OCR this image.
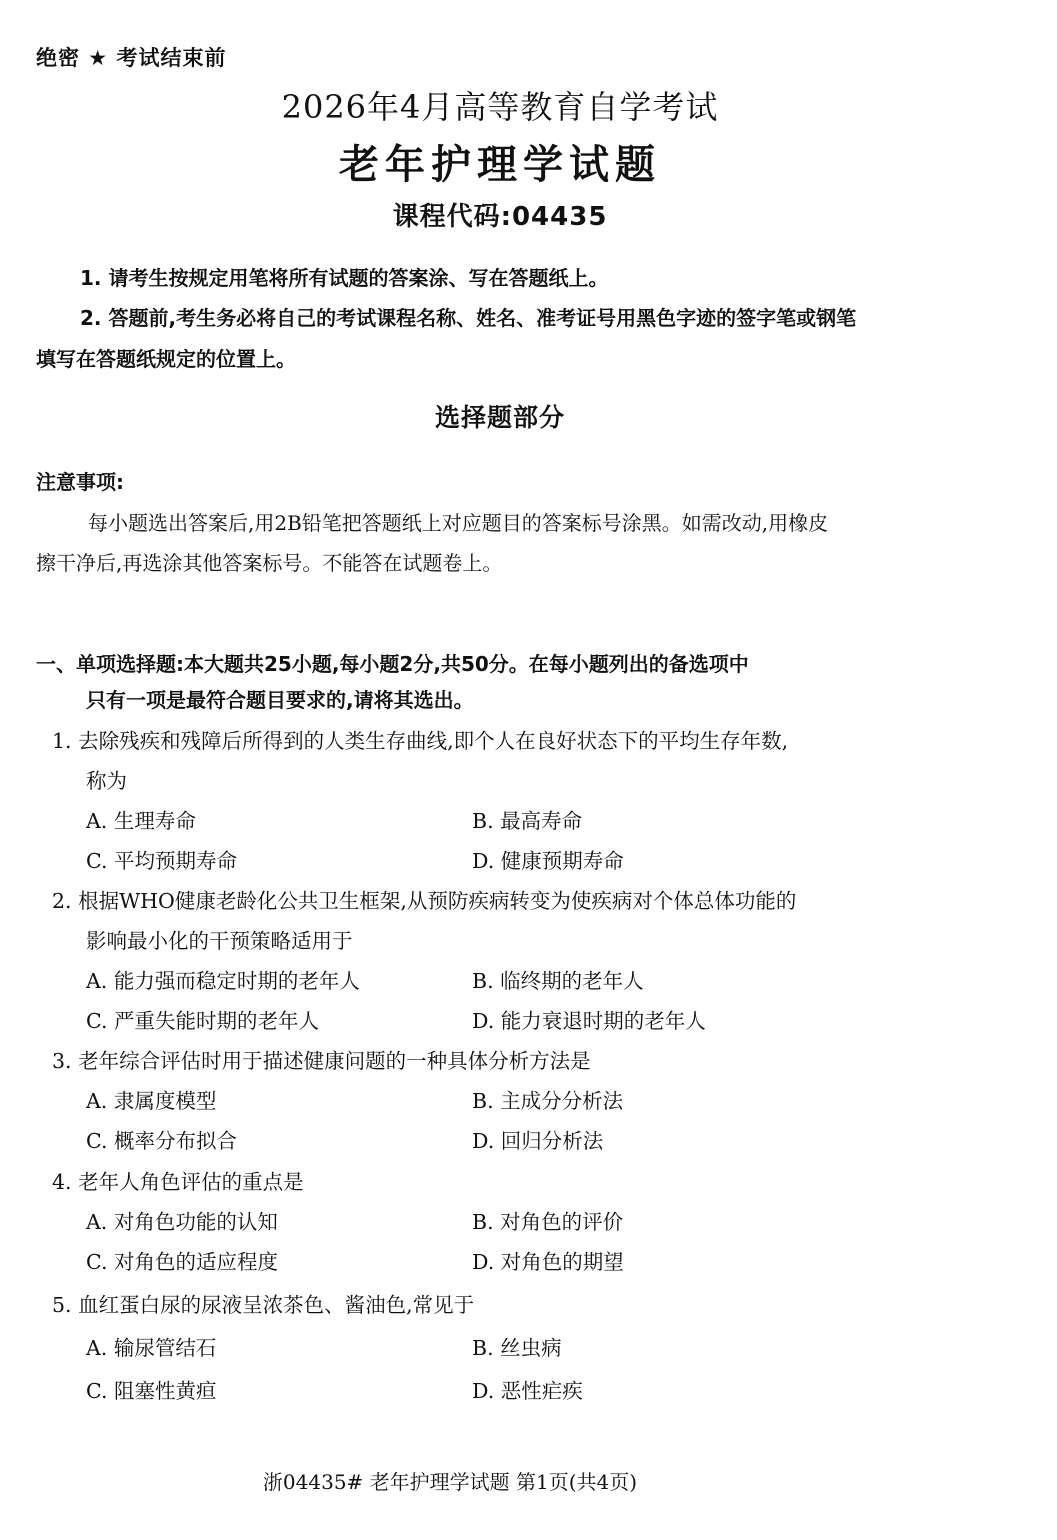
绝密 ★ 考试结束前
2026年4月高等教育自学考试
老年护理学试题
课程代码:04435
1. 请考生按规定用笔将所有试题的答案涂、写在答题纸上。
2. 答题前,考生务必将自己的考试课程名称、姓名、准考证号用黑色字迹的签字笔或钢笔
填写在答题纸规定的位置上。
选择题部分
注意事项:
每小题选出答案后,用2B铅笔把答题纸上对应题目的答案标号涂黑。如需改动,用橡皮
擦干净后,再选涂其他答案标号。不能答在试题卷上。
一、单项选择题:本大题共25小题,每小题2分,共50分。在每小题列出的备选项中
只有一项是最符合题目要求的,请将其选出。
1. 去除残疾和残障后所得到的人类生存曲线,即个人在良好状态下的平均生存年数,
称为
A. 生理寿命	B. 最高寿命
C. 平均预期寿命	D. 健康预期寿命
2. 根据WHO健康老龄化公共卫生框架,从预防疾病转变为使疾病对个体总体功能的
影响最小化的干预策略适用于
A. 能力强而稳定时期的老年人	B. 临终期的老年人
C. 严重失能时期的老年人	D. 能力衰退时期的老年人
3. 老年综合评估时用于描述健康问题的一种具体分析方法是
A. 隶属度模型	B. 主成分分析法
C. 概率分布拟合	D. 回归分析法
4. 老年人角色评估的重点是
A. 对角色功能的认知	B. 对角色的评价
C. 对角色的适应程度	D. 对角色的期望
5. 血红蛋白尿的尿液呈浓茶色、酱油色,常见于
A. 输尿管结石	B. 丝虫病
C. 阻塞性黄疸	D. 恶性疟疾
浙04435# 老年护理学试题 第1页(共4页)
